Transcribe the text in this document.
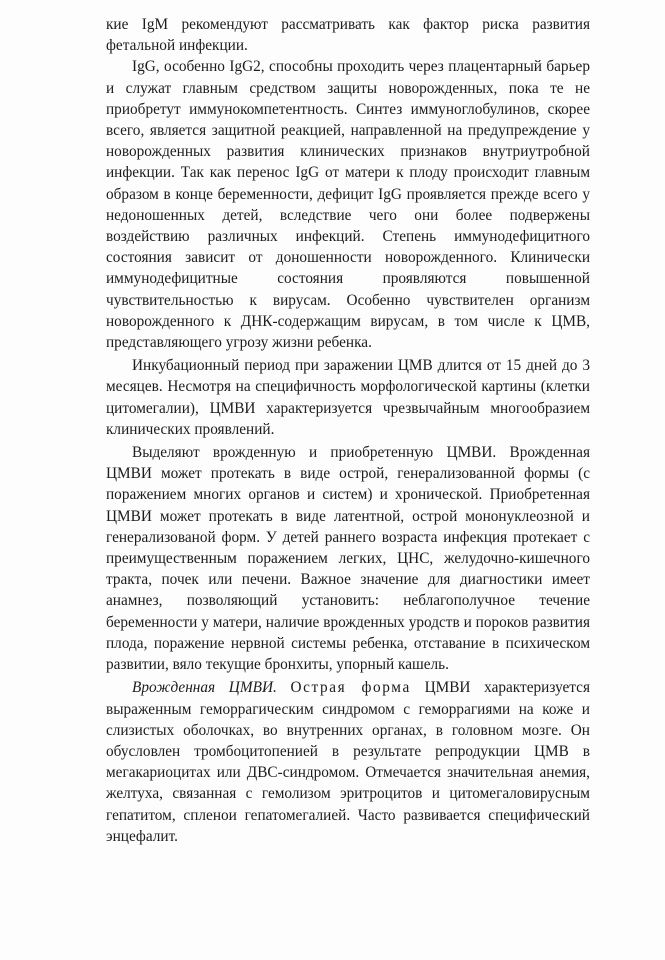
кие IgM рекомендуют рассматривать как фактор риска развития фетальной инфекции.

IgG, особенно IgG2, способны проходить через плацентарный барьер и служат главным средством защиты новорожденных, пока те не приобретут иммунокомпетентность. Синтез иммуноглобулинов, скорее всего, является защитной реакцией, направленной на предупреждение у новорожденных развития клинических признаков внутриутробной инфекции. Так как перенос IgG от матери к плоду происходит главным образом в конце беременности, дефицит IgG проявляется прежде всего у недоношенных детей, вследствие чего они более подвержены воздействию различных инфекций. Степень иммунодефицитного состояния зависит от доношенности новорожденного. Клинически иммунодефицитные состояния проявляются повышенной чувствительностью к вирусам. Особенно чувствителен организм новорожденного к ДНК-содержащим вирусам, в том числе к ЦМВ, представляющего угрозу жизни ребенка.

Инкубационный период при заражении ЦМВ длится от 15 дней до 3 месяцев. Несмотря на специфичность морфологической картины (клетки цитомегалии), ЦМВИ характеризуется чрезвычайным многообразием клинических проявлений.

Выделяют врожденную и приобретенную ЦМВИ. Врожденная ЦМВИ может протекать в виде острой, генерализованной формы (с поражением многих органов и систем) и хронической. Приобретенная ЦМВИ может протекать в виде латентной, острой мононуклеозной и генерализованой форм. У детей раннего возраста инфекция протекает с преимущественным поражением легких, ЦНС, желудочно-кишечного тракта, почек или печени. Важное значение для диагностики имеет анамнез, позволяющий установить: неблагополучное течение беременности у матери, наличие врожденных уродств и пороков развития плода, поражение нервной системы ребенка, отставание в психическом развитии, вяло текущие бронхиты, упорный кашель.

Врожденная ЦМВИ. Острая форма ЦМВИ характеризуется выраженным геморрагическим синдромом с геморрагиями на коже и слизистых оболочках, во внутренних органах, в головном мозге. Он обусловлен тромбоцитопенией в результате репродукции ЦМВ в мегакариоцитах или ДВС-синдромом. Отмечается значительная анемия, желтуха, связанная с гемолизом эритроцитов и цитомегаловирусным гепатитом, спленои гепатомегалией. Часто развивается специфический энцефалит.
